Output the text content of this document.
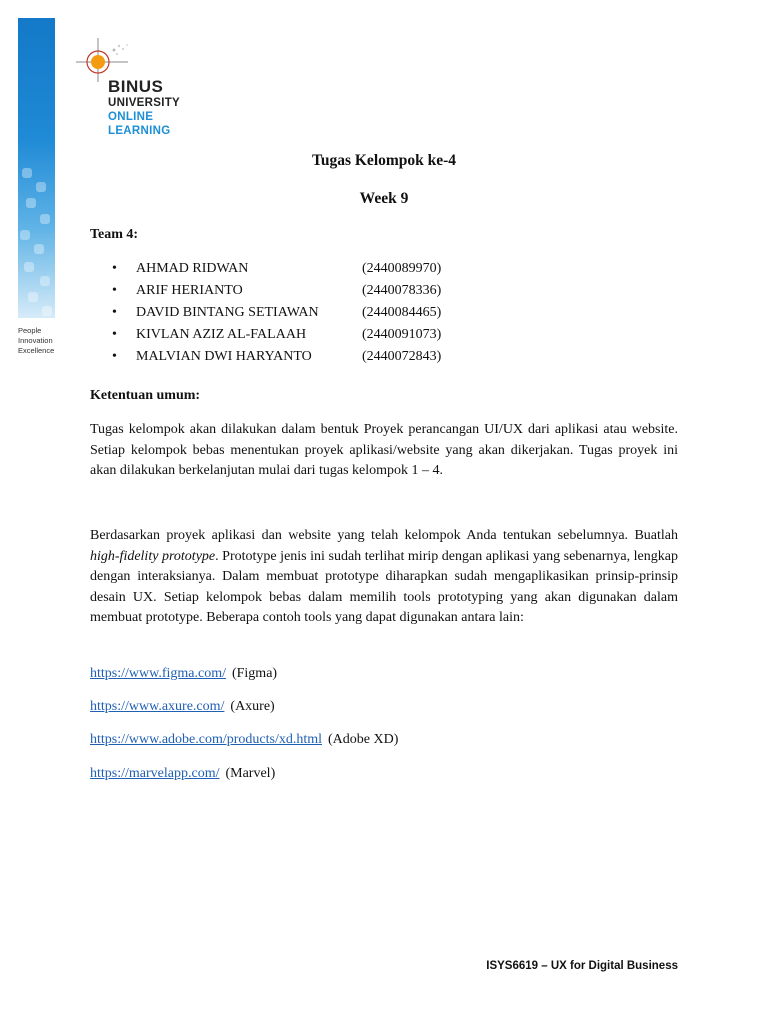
People
Innovation
Excellence
BINUS
UNIVERSITY
ONLINE
LEARNING
Tugas Kelompok ke-4
Week 9
Team 4:
• AHMAD RIDWAN	(2440089970)
• ARIF HERIANTO	(2440078336)
• DAVID BINTANG SETIAWAN	(2440084465)
• KIVLAN AZIZ AL-FALAAH	(2440091073)
• MALVIAN DWI HARYANTO	(2440072843)
Ketentuan umum:

Tugas kelompok akan dilakukan dalam bentuk Proyek perancangan UI/UX dari aplikasi atau website. Setiap kelompok bebas menentukan proyek aplikasi/website yang akan dikerjakan. Tugas proyek ini akan dilakukan berkelanjutan mulai dari tugas kelompok 1 – 4.

Berdasarkan proyek aplikasi dan website yang telah kelompok Anda tentukan sebelumnya. Buatlah high-fidelity prototype. Prototype jenis ini sudah terlihat mirip dengan aplikasi yang sebenarnya, lengkap dengan interaksianya. Dalam membuat prototype diharapkan sudah mengaplikasikan prinsip-prinsip desain UX. Setiap kelompok bebas dalam memilih tools prototyping yang akan digunakan dalam membuat prototype. Beberapa contoh tools yang dapat digunakan antara lain:

https://www.figma.com/ (Figma)
https://www.axure.com/ (Axure)
https://www.adobe.com/products/xd.html (Adobe XD)
https://marvelapp.com/ (Marvel)
ISYS6619 – UX for Digital Business
